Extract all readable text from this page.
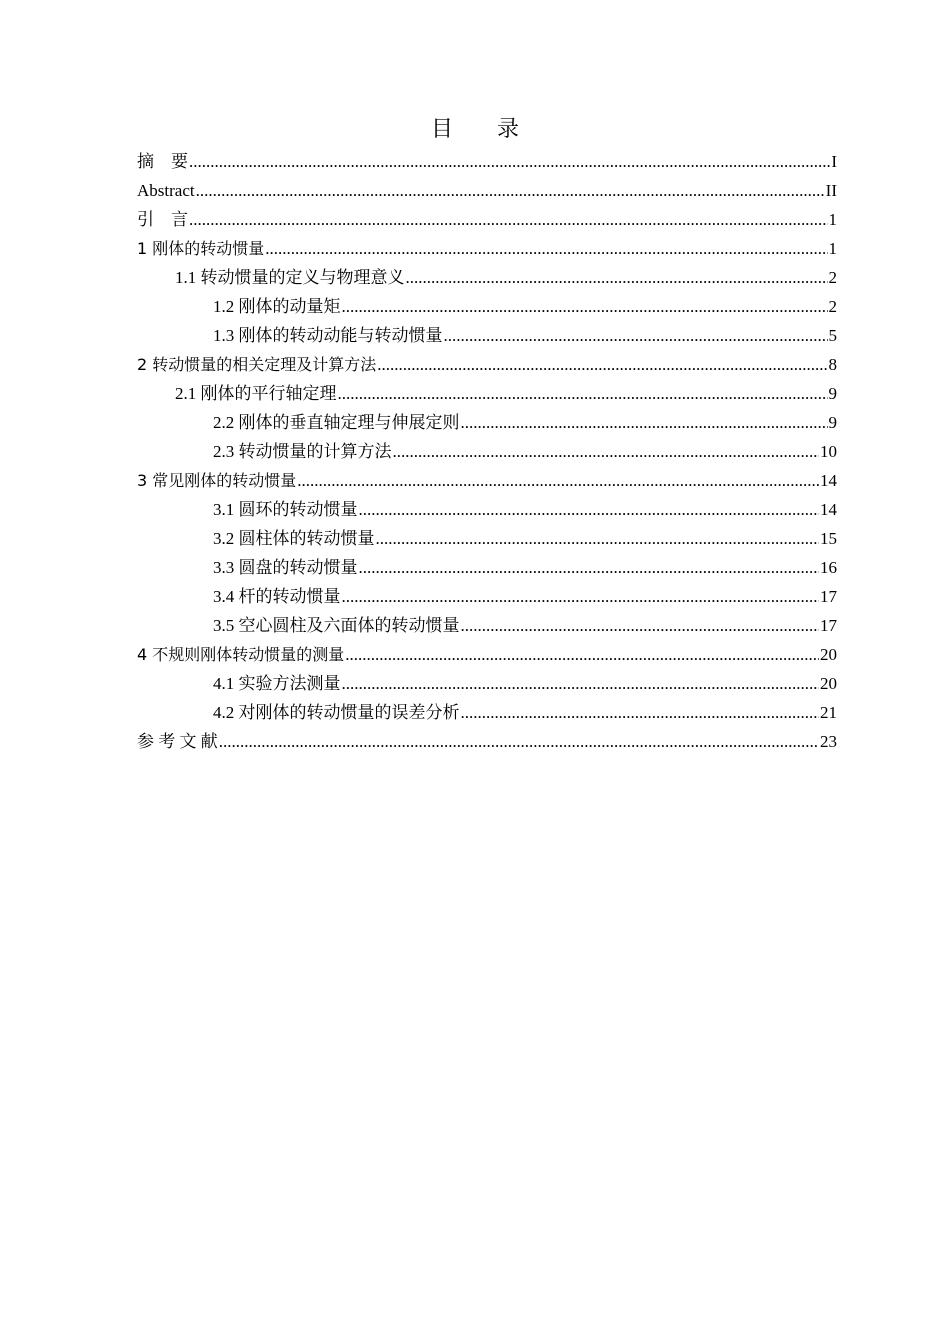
目 录
摘　要 .....	I
Abstract .....	II
引　言 .....	1
1 刚体的转动惯量 .....	1
1.1 转动惯量的定义与物理意义 .....	2
1.2 刚体的动量矩 .....	2
1.3 刚体的转动动能与转动惯量 .....	5
2 转动惯量的相关定理及计算方法 .....	8
2.1 刚体的平行轴定理 .....	9
2.2 刚体的垂直轴定理与伸展定则 .....	9
2.3 转动惯量的计算方法 .....	10
3 常见刚体的转动惯量 .....	14
3.1 圆环的转动惯量 .....	14
3.2 圆柱体的转动惯量 .....	15
3.3 圆盘的转动惯量 .....	16
3.4 杆的转动惯量 .....	17
3.5 空心圆柱及六面体的转动惯量 .....	17
4 不规则刚体转动惯量的测量 .....	20
4.1 实验方法测量 .....	20
4.2 对刚体的转动惯量的误差分析 .....	21
参 考 文 献 .....	23
